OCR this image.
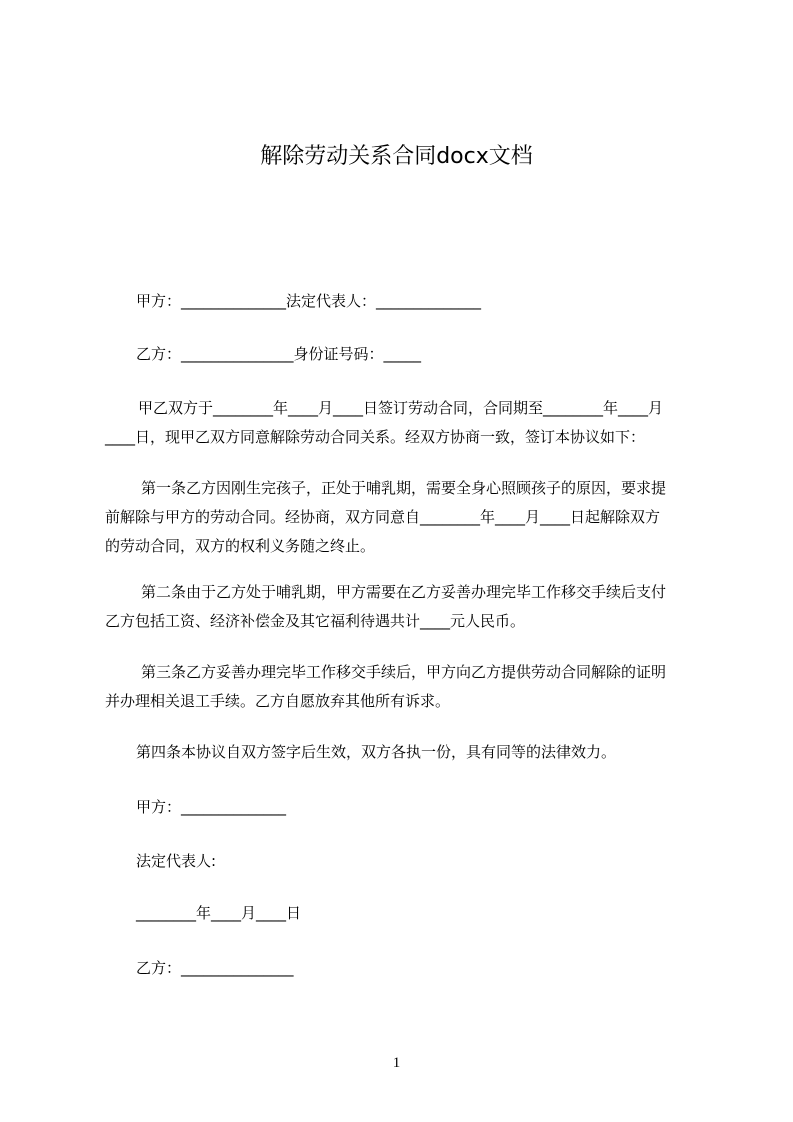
解除劳动关系合同docx文档
甲方：______________法定代表人：______________
乙方：_______________身份证号码：_____
甲乙双方于________年____月____日签订劳动合同，合同期至________年____月
____日，现甲乙双方同意解除劳动合同关系。经双方协商一致，签订本协议如下：
第一条乙方因刚生完孩子，正处于哺乳期，需要全身心照顾孩子的原因，要求提
前解除与甲方的劳动合同。经协商，双方同意自________年____月____日起解除双方
的劳动合同，双方的权利义务随之终止。
第二条由于乙方处于哺乳期，甲方需要在乙方妥善办理完毕工作移交手续后支付
乙方包括工资、经济补偿金及其它福利待遇共计____元人民币。
第三条乙方妥善办理完毕工作移交手续后，甲方向乙方提供劳动合同解除的证明
并办理相关退工手续。乙方自愿放弃其他所有诉求。
第四条本协议自双方签字后生效，双方各执一份，具有同等的法律效力。
甲方：______________
法定代表人:
________年____月____日
乙方：_______________
1
